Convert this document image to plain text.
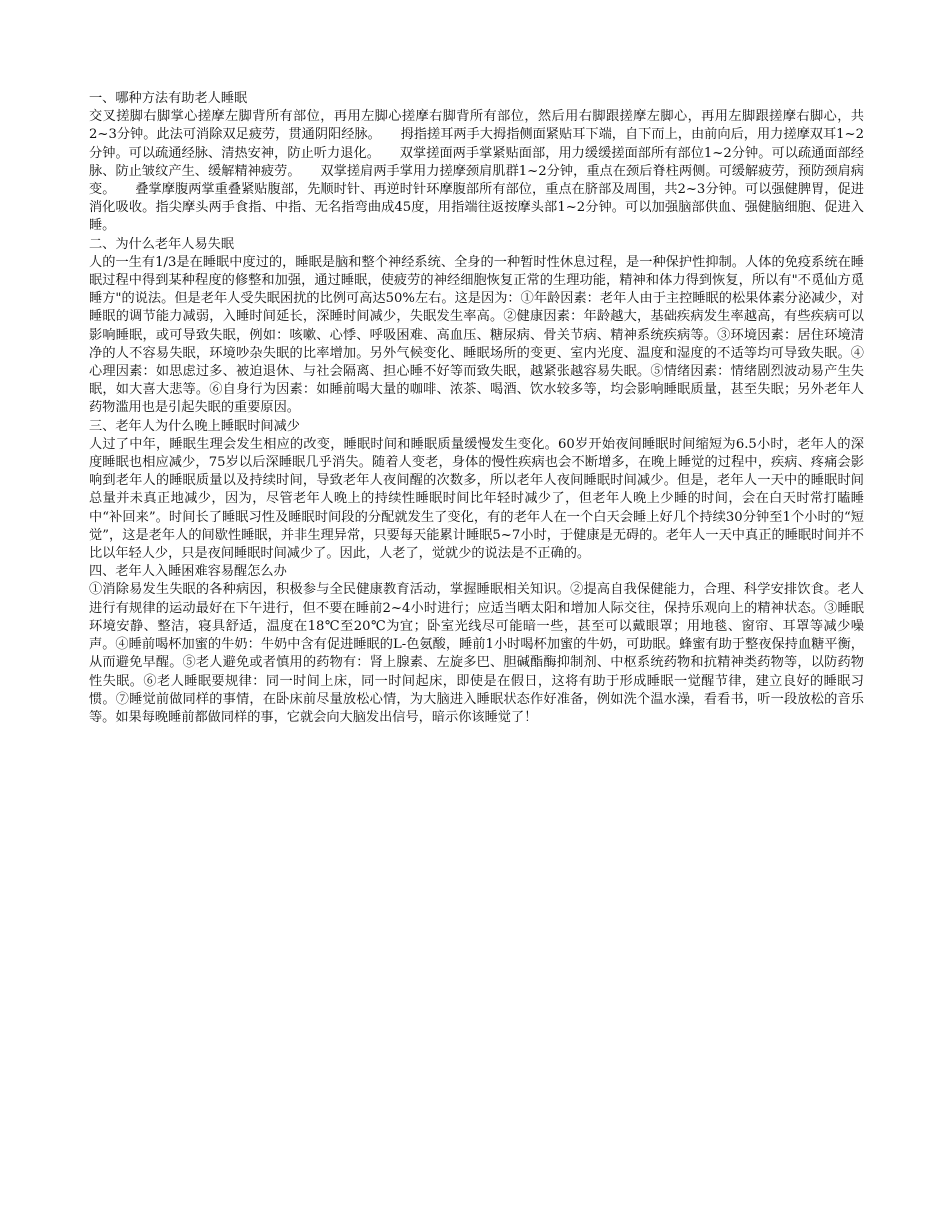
一、哪种方法有助老人睡眠

交叉搓脚右脚掌心搓摩左脚背所有部位，再用左脚心搓摩右脚背所有部位，然后用右脚跟搓摩左脚心，再用左脚跟搓摩右脚心，共2~3分钟。此法可消除双足疲劳，贯通阴阳经脉。　　拇指搓耳两手大拇指侧面紧贴耳下端，自下而上，由前向后，用力搓摩双耳1~2分钟。可以疏通经脉、清热安神，防止听力退化。　　双掌搓面两手掌紧贴面部，用力缓缓搓面部所有部位1~2分钟。可以疏通面部经脉、防止皱纹产生、缓解精神疲劳。　　双掌搓肩两手掌用力搓摩颈肩肌群1~2分钟，重点在颈后脊柱两侧。可缓解疲劳，预防颈肩病变。　　叠掌摩腹两掌重叠紧贴腹部，先顺时针、再逆时针环摩腹部所有部位，重点在脐部及周围，共2~3分钟。可以强健脾胃，促进消化吸收。指尖摩头两手食指、中指、无名指弯曲成45度，用指端往返按摩头部1~2分钟。可以加强脑部供血、强健脑细胞、促进入睡。

二、为什么老年人易失眠

人的一生有1/3是在睡眠中度过的，睡眠是脑和整个神经系统、全身的一种暂时性休息过程，是一种保护性抑制。人体的免疫系统在睡眠过程中得到某种程度的修整和加强，通过睡眠，使疲劳的神经细胞恢复正常的生理功能，精神和体力得到恢复，所以有"不觅仙方觅睡方"的说法。但是老年人受失眠困扰的比例可高达50%左右。这是因为：①年龄因素：老年人由于主控睡眠的松果体素分泌减少，对睡眠的调节能力减弱，入睡时间延长，深睡时间减少，失眠发生率高。②健康因素：年龄越大，基础疾病发生率越高，有些疾病可以影响睡眠，或可导致失眠，例如：咳嗽、心悸、呼吸困难、高血压、糖尿病、骨关节病、精神系统疾病等。③环境因素：居住环境清净的人不容易失眠，环境吵杂失眠的比率增加。另外气候变化、睡眠场所的变更、室内光度、温度和湿度的不适等均可导致失眠。④心理因素：如思虑过多、被迫退休、与社会隔离、担心睡不好等而致失眠，越紧张越容易失眠。⑤情绪因素：情绪剧烈波动易产生失眠，如大喜大悲等。⑥自身行为因素：如睡前喝大量的咖啡、浓茶、喝酒、饮水较多等，均会影响睡眠质量，甚至失眠；另外老年人药物滥用也是引起失眠的重要原因。

三、老年人为什么晚上睡眠时间减少

人过了中年，睡眠生理会发生相应的改变，睡眠时间和睡眠质量缓慢发生变化。60岁开始夜间睡眠时间缩短为6.5小时，老年人的深度睡眠也相应减少，75岁以后深睡眠几乎消失。随着人变老，身体的慢性疾病也会不断增多，在晚上睡觉的过程中，疾病、疼痛会影响到老年人的睡眠质量以及持续时间，导致老年人夜间醒的次数多，所以老年人夜间睡眠时间减少。但是，老年人一天中的睡眠时间总量并未真正地减少，因为，尽管老年人晚上的持续性睡眠时间比年轻时减少了，但老年人晚上少睡的时间，会在白天时常打瞌睡中“补回来”。时间长了睡眠习性及睡眠时间段的分配就发生了变化，有的老年人在一个白天会睡上好几个持续30分钟至1个小时的“短觉”，这是老年人的间歇性睡眠，并非生理异常，只要每天能累计睡眠5~7小时，于健康是无碍的。老年人一天中真正的睡眠时间并不比以年轻人少，只是夜间睡眠时间减少了。因此，人老了，觉就少的说法是不正确的。

四、老年人入睡困难容易醒怎么办

①消除易发生失眠的各种病因，积极参与全民健康教育活动，掌握睡眠相关知识。②提高自我保健能力，合理、科学安排饮食。老人进行有规律的运动最好在下午进行，但不要在睡前2~4小时进行；应适当晒太阳和增加人际交往，保持乐观向上的精神状态。③睡眠环境安静、整洁，寝具舒适，温度在18℃至20℃为宜；卧室光线尽可能暗一些，甚至可以戴眼罩；用地毯、窗帘、耳罩等减少噪声。④睡前喝杯加蜜的牛奶：牛奶中含有促进睡眠的L-色氨酸，睡前1小时喝杯加蜜的牛奶，可助眠。蜂蜜有助于整夜保持血糖平衡，从而避免早醒。⑤老人避免或者慎用的药物有：肾上腺素、左旋多巴、胆碱酯酶抑制剂、中枢系统药物和抗精神类药物等，以防药物性失眠。⑥老人睡眠要规律：同一时间上床，同一时间起床，即使是在假日，这将有助于形成睡眠一觉醒节律，建立良好的睡眠习惯。⑦睡觉前做同样的事情，在卧床前尽量放松心情，为大脑进入睡眠状态作好准备，例如洗个温水澡，看看书，听一段放松的音乐等。如果每晚睡前都做同样的事，它就会向大脑发出信号，暗示你该睡觉了！
